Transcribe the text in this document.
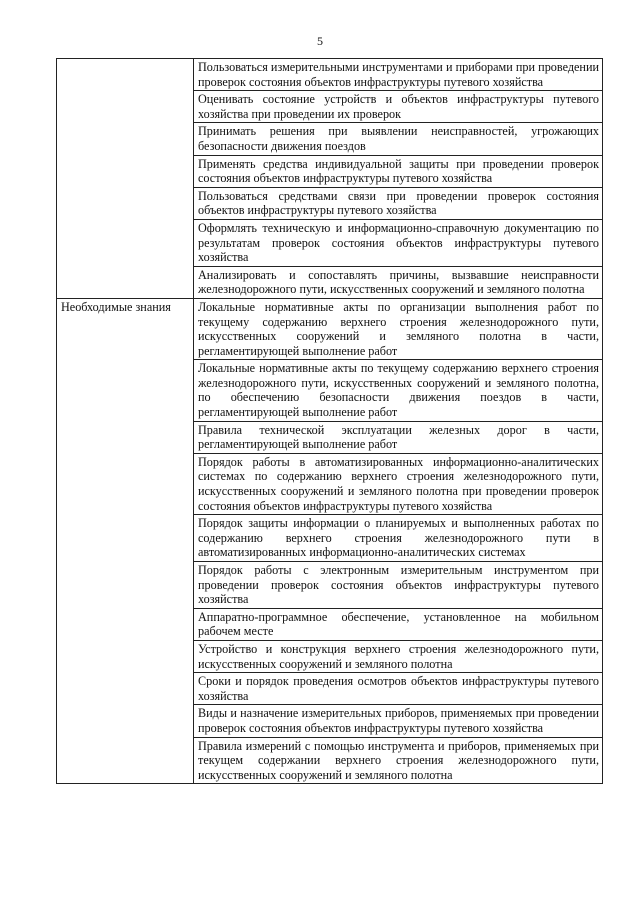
5
	Пользоваться измерительными инструментами и приборами при проведении проверок состояния объектов инфраструктуры путевого хозяйства
	Оценивать состояние устройств и объектов инфраструктуры путевого хозяйства при проведении их проверок
	Принимать решения при выявлении неисправностей, угрожающих безопасности движения поездов
	Применять средства индивидуальной защиты при проведении проверок состояния объектов инфраструктуры путевого хозяйства
	Пользоваться средствами связи при проведении проверок состояния объектов инфраструктуры путевого хозяйства
	Оформлять техническую и информационно-справочную документацию по результатам проверок состояния объектов инфраструктуры путевого хозяйства
	Анализировать и сопоставлять причины, вызвавшие неисправности железнодорожного пути, искусственных сооружений и земляного полотна
Необходимые знания	Локальные нормативные акты по организации выполнения работ по текущему содержанию верхнего строения железнодорожного пути, искусственных сооружений и земляного полотна в части, регламентирующей выполнение работ
	Локальные нормативные акты по текущему содержанию верхнего строения железнодорожного пути, искусственных сооружений и земляного полотна, по обеспечению безопасности движения поездов в части, регламентирующей выполнение работ
	Правила технической эксплуатации железных дорог в части, регламентирующей выполнение работ
	Порядок работы в автоматизированных информационно-аналитических системах по содержанию верхнего строения железнодорожного пути, искусственных сооружений и земляного полотна при проведении проверок состояния объектов инфраструктуры путевого хозяйства
	Порядок защиты информации о планируемых и выполненных работах по содержанию верхнего строения железнодорожного пути в автоматизированных информационно-аналитических системах
	Порядок работы с электронным измерительным инструментом при проведении проверок состояния объектов инфраструктуры путевого хозяйства
	Аппаратно-программное обеспечение, установленное на мобильном рабочем месте
	Устройство и конструкция верхнего строения железнодорожного пути, искусственных сооружений и земляного полотна
	Сроки и порядок проведения осмотров объектов инфраструктуры путевого хозяйства
	Виды и назначение измерительных приборов, применяемых при проведении проверок состояния объектов инфраструктуры путевого хозяйства
	Правила измерений с помощью инструмента и приборов, применяемых при текущем содержании верхнего строения железнодорожного пути, искусственных сооружений и земляного полотна
